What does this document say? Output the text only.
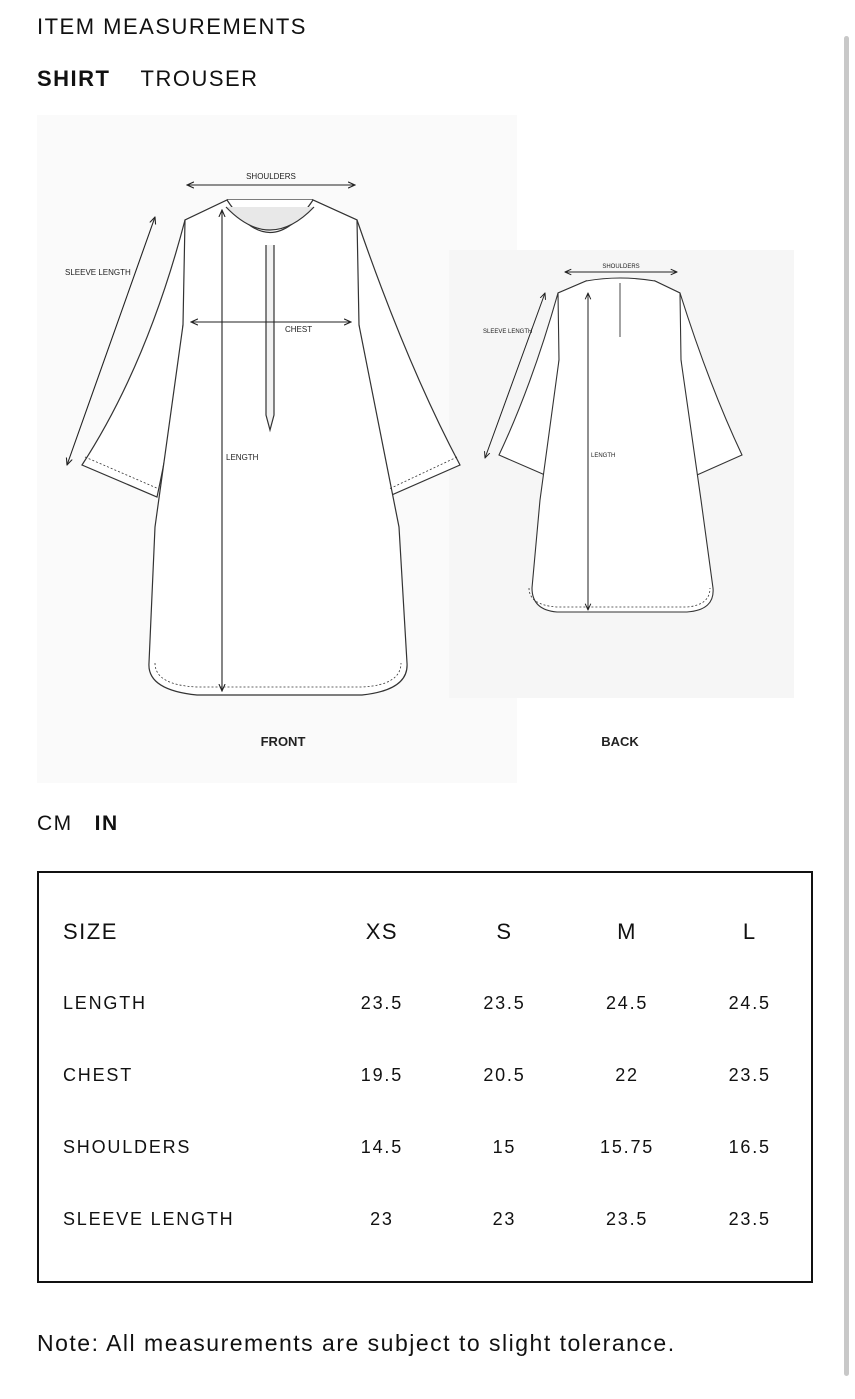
ITEM MEASUREMENTS
SHIRT TROUSER
SHOULDERS
SLEEVE LENGTH
CHEST
LENGTH
FRONT
SHOULDERS
SLEEVE LENGTH
LENGTH
BACK
CM IN
SIZE	XS	S	M	L
LENGTH	23.5	23.5	24.5	24.5
CHEST	19.5	20.5	22	23.5
SHOULDERS	14.5	15	15.75	16.5
SLEEVE LENGTH	23	23	23.5	23.5
Note: All measurements are subject to slight tolerance.
